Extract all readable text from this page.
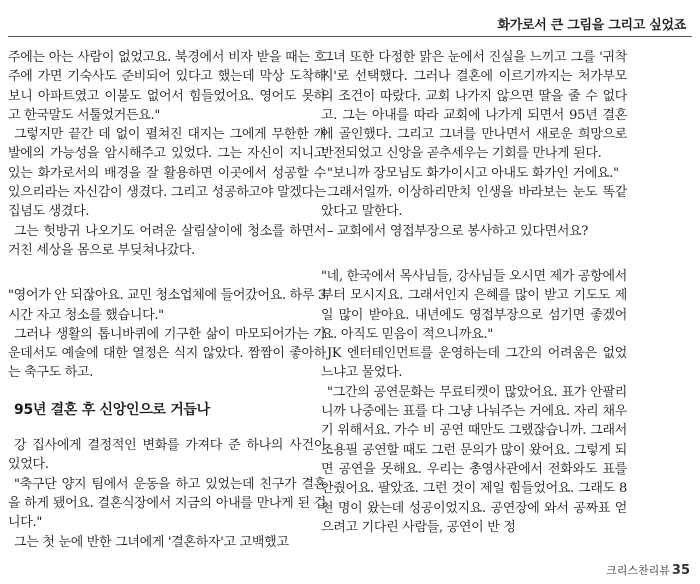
화가로서 큰 그림을 그리고 싶었죠

주에는 아는 사람이 없었고요. 북경에서 비자 받을 때는 호주에 가면 기숙사도 준비되어 있다고 했는데 막상 도착해보니 아파트였고 이불도 없어서 힘들었어요. 영어도 못하고 한국말도 서툴었거든요."

그렇지만 끝간 데 없이 펼쳐진 대지는 그에게 무한한 개발에의 가능성을 암시해주고 있었다. 그는 자신이 지니고 있는 화가로서의 배경을 잘 활용하면 이곳에서 성공할 수 있으리라는 자신감이 생겼다. 그리고 성공하고야 말겠다는 집념도 생겼다.

그는 헛방귀 나오기도 어려운 살림살이에 청소를 하면서 거친 세상을 몸으로 부딪쳐나갔다.

"영어가 안 되잖아요. 교민 청소업체에 들어갔어요. 하루 3시간 자고 청소를 했습니다."

그러나 생활의 톱니바퀴에 기구한 삶이 마모되어가는 가운데서도 예술에 대한 열정은 식지 않았다. 짬짬이 좋아하는 축구도 하고.

95년 결혼 후 신앙인으로 거듭나

강 집사에게 결정적인 변화를 가져다 준 하나의 사건이 있었다.

"축구단 양지 팀에서 운동을 하고 있었는데 친구가 결혼을 하게 됐어요. 결혼식장에서 지금의 아내를 만나게 된 겁니다."

그는 첫 눈에 반한 그녀에게 '결혼하자'고 고백했고

그녀 또한 다정한 맑은 눈에서 진실을 느끼고 그를 '귀착지'로 선택했다. 그러나 결혼에 이르기까지는 처가부모의 조건이 따랐다. 교회 나가지 않으면 딸을 줄 수 없다고. 그는 아내를 따라 교회에 나가게 되면서 95년 결혼에 골인했다. 그리고 그녀를 만나면서 새로운 희망으로 반전되었고 신앙을 곧추세우는 기회를 만나게 된다.

"보니까 장모님도 화가이시고 아내도 화가인 거에요."

그래서일까. 이상하리만치 인생을 바라보는 눈도 똑같았다고 말한다.

– 교회에서 영접부장으로 봉사하고 있다면서요?

"네, 한국에서 목사님들, 강사님들 오시면 제가 공항에서부터 모시지요. 그래서인지 은혜를 많이 받고 기도도 제일 많이 받아요. 내년에도 영접부장으로 섬기면 좋겠어요. 아직도 믿음이 적으니까요."

JK 엔터테인먼트를 운영하는데 그간의 어려움은 없었느냐고 물었다.

"그간의 공연문화는 무료티켓이 많았어요. 표가 안팔리니까 나중에는 표를 다 그냥 나눠주는 거에요. 자리 채우기 위해서요. 가수 비 공연 때만도 그랬잖습니까. 그래서 조용필 공연할 때도 그런 문의가 많이 왔어요. 그렇게 되면 공연을 못해요. 우리는 총영사관에서 전화와도 표를 안줬어요. 팔았죠. 그런 것이 제일 힘들었어요. 그래도 8천 명이 왔는데 성공이었지요. 공연장에 와서 공짜표 얻으려고 기다린 사람들, 공연이 반 정

크리스찬리뷰 35
